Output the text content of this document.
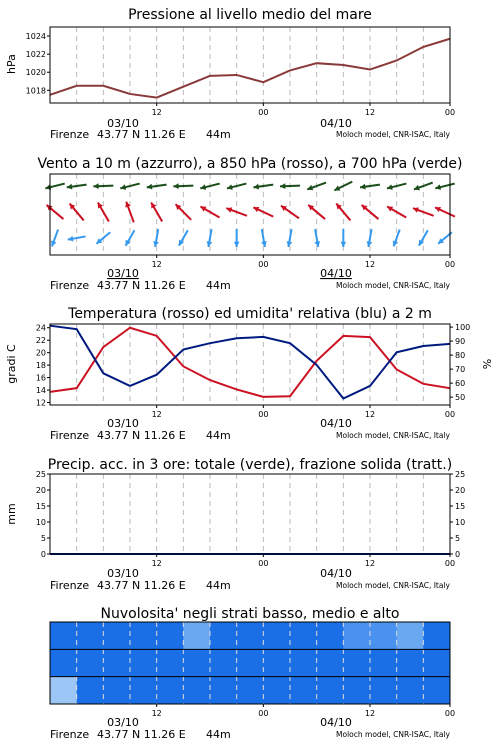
Pressione al livello medio del mare
hPa
1018
1020
1022
1024
12	00	12	00
03/10	04/10
Firenze 43.77 N 11.26 E 44m	Moloch model, CNR-ISAC, Italy
Vento a 10 m (azzurro), a 850 hPa (rosso), a 700 hPa (verde)
12	00	12	00
03/10	04/10
Firenze 43.77 N 11.26 E 44m	Moloch model, CNR-ISAC, Italy
Temperatura (rosso) ed umidita' relativa (blu) a 2 m
gradi C	%
12
14
16
18
20
22
24
50
60
70
80
90
100
12	00	12	00
03/10	04/10
Firenze 43.77 N 11.26 E 44m	Moloch model, CNR-ISAC, Italy
Precip. acc. in 3 ore: totale (verde), frazione solida (tratt.)
mm
0
5
10
15
20
25
0
5
10
15
20
25
12	00	12	00
03/10	04/10
Firenze 43.77 N 11.26 E 44m	Moloch model, CNR-ISAC, Italy
Nuvolosita' negli strati basso, medio e alto
12	00	12	00
03/10	04/10
Firenze 43.77 N 11.26 E 44m	Moloch model, CNR-ISAC, Italy
